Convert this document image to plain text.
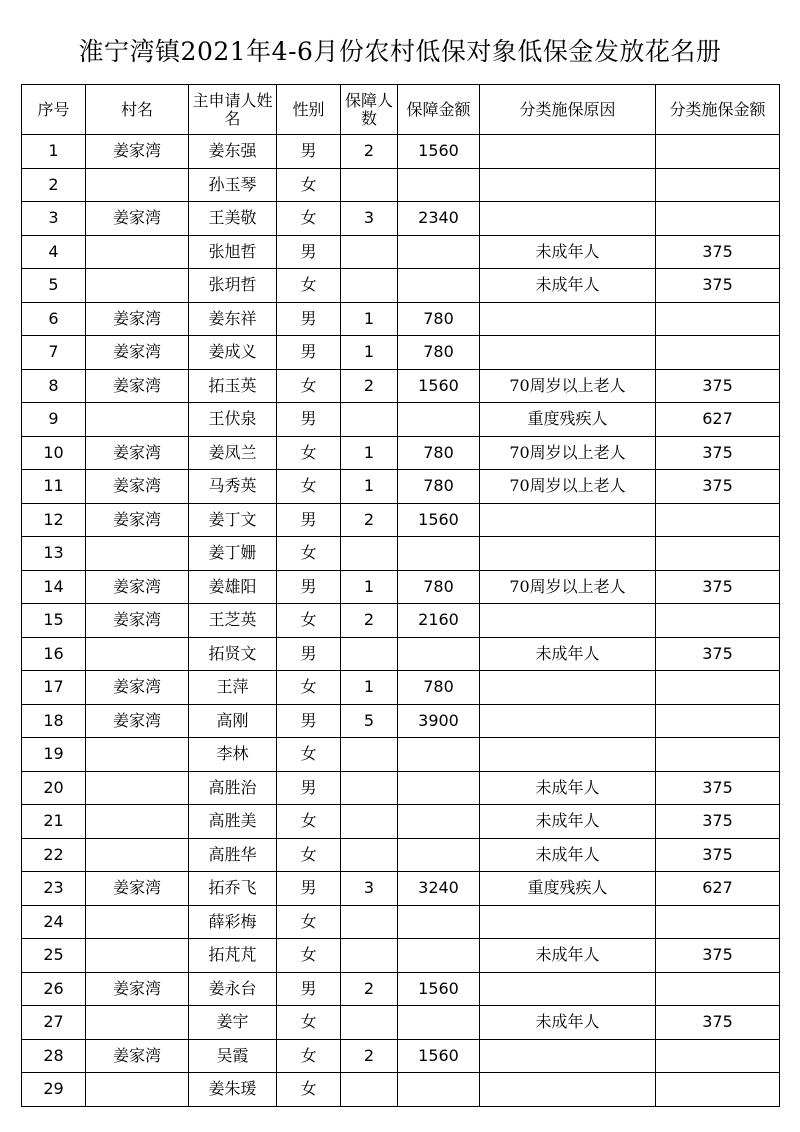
淮宁湾镇2021年4-6月份农村低保对象低保金发放花名册
序号	村名	主申请人姓名	性别	保障人数	保障金额	分类施保原因	分类施保金额
1	姜家湾	姜东强	男	2	1560		
2		孙玉琴	女				
3	姜家湾	王美敬	女	3	2340		
4		张旭哲	男			未成年人	375
5		张玥哲	女			未成年人	375
6	姜家湾	姜东祥	男	1	780		
7	姜家湾	姜成义	男	1	780		
8	姜家湾	拓玉英	女	2	1560	70周岁以上老人	375
9		王伏泉	男			重度残疾人	627
10	姜家湾	姜凤兰	女	1	780	70周岁以上老人	375
11	姜家湾	马秀英	女	1	780	70周岁以上老人	375
12	姜家湾	姜丁文	男	2	1560		
13		姜丁姗	女				
14	姜家湾	姜雄阳	男	1	780	70周岁以上老人	375
15	姜家湾	王芝英	女	2	2160		
16		拓贤文	男			未成年人	375
17	姜家湾	王萍	女	1	780		
18	姜家湾	高刚	男	5	3900		
19		李林	女				
20		高胜治	男			未成年人	375
21		高胜美	女			未成年人	375
22		高胜华	女			未成年人	375
23	姜家湾	拓乔飞	男	3	3240	重度残疾人	627
24		薛彩梅	女				
25		拓芃芃	女			未成年人	375
26	姜家湾	姜永台	男	2	1560		
27		姜宇	女			未成年人	375
28	姜家湾	吴霞	女	2	1560		
29		姜朱瑗	女				
